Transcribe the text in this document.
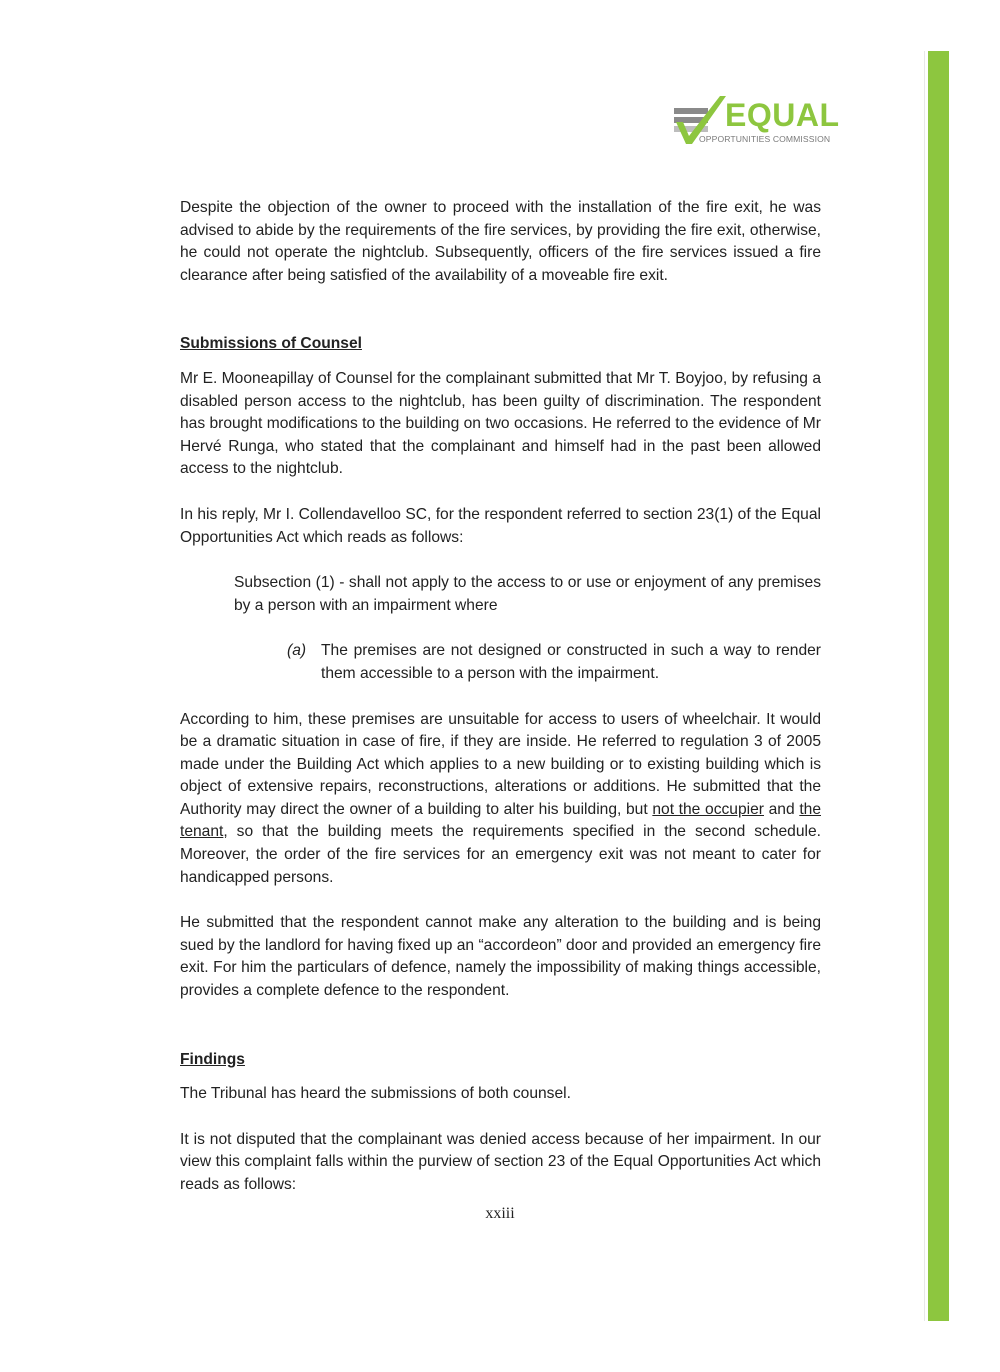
EQUAL
OPPORTUNITIES COMMISSION

Despite the objection of the owner to proceed with the installation of the fire exit, he was advised to abide by the requirements of the fire services, by providing the fire exit, otherwise, he could not operate the nightclub. Subsequently, officers of the fire services issued a fire clearance after being satisfied of the availability of a moveable fire exit.

Submissions of Counsel

Mr E. Mooneapillay of Counsel for the complainant submitted that Mr T. Boyjoo, by refusing a disabled person access to the nightclub, has been guilty of discrimination. The respondent has brought modifications to the building on two occasions. He referred to the evidence of Mr Hervé Runga, who stated that the complainant and himself had in the past been allowed access to the nightclub.

In his reply, Mr I. Collendavelloo SC, for the respondent referred to section 23(1) of the Equal Opportunities Act which reads as follows:

Subsection (1) - shall not apply to the access to or use or enjoyment of any premises by a person with an impairment where

(a) The premises are not designed or constructed in such a way to render them accessible to a person with the impairment.

According to him, these premises are unsuitable for access to users of wheelchair. It would be a dramatic situation in case of fire, if they are inside. He referred to regulation 3 of 2005 made under the Building Act which applies to a new building or to existing building which is object of extensive repairs, reconstructions, alterations or additions. He submitted that the Authority may direct the owner of a building to alter his building, but not the occupier and the tenant, so that the building meets the requirements specified in the second schedule. Moreover, the order of the fire services for an emergency exit was not meant to cater for handicapped persons.

He submitted that the respondent cannot make any alteration to the building and is being sued by the landlord for having fixed up an “accordeon” door and provided an emergency fire exit. For him the particulars of defence, namely the impossibility of making things accessible, provides a complete defence to the respondent.

Findings

The Tribunal has heard the submissions of both counsel.

It is not disputed that the complainant was denied access because of her impairment. In our view this complaint falls within the purview of section 23 of the Equal Opportunities Act which reads as follows:

xxiii
